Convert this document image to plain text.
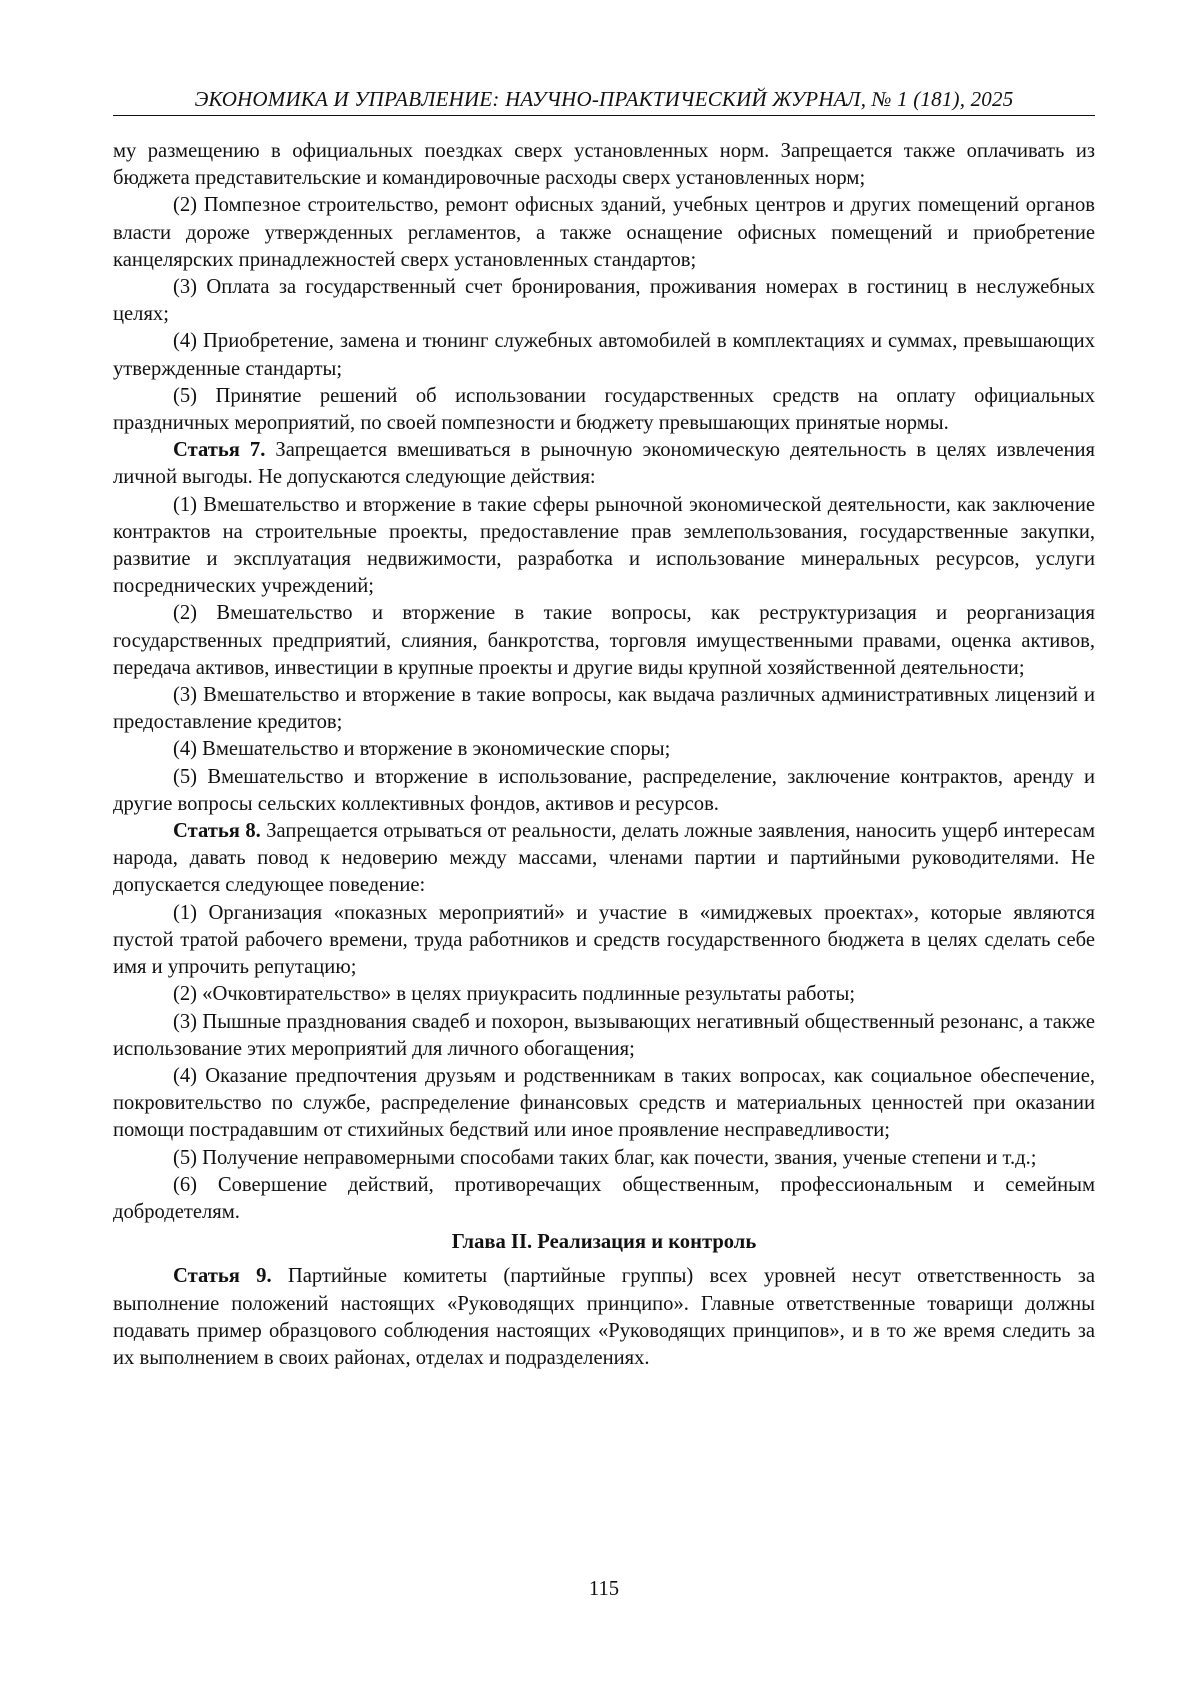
ЭКОНОМИКА И УПРАВЛЕНИЕ: НАУЧНО-ПРАКТИЧЕСКИЙ ЖУРНАЛ, № 1 (181), 2025

му размещению в официальных поездках сверх установленных норм. Запрещается также опла­чивать из бюджета представительские и командировочные расходы сверх установленных норм;

(2) Помпезное строительство, ремонт офисных зданий, учебных центров и других поме­щений органов власти дороже утвержденных регламентов, а также оснащение офисных поме­щений и приобретение канцелярских принадлежностей сверх установленных стандартов;

(3) Оплата за государственный счет бронирования, проживания номерах в гостиниц в не­служебных целях;

(4) Приобретение, замена и тюнинг служебных автомобилей в комплектациях и суммах, превышающих утвержденные стандарты;

(5) Принятие решений об использовании государственных средств на оплату официаль­ных праздничных мероприятий, по своей помпезности и бюджету превышающих принятые нормы.

Статья 7. Запрещается вмешиваться в рыночную экономическую деятельность в целях извлечения личной выгоды. Не допускаются следующие действия:

(1) Вмешательство и вторжение в такие сферы рыночной экономической деятельности, как заключение контрактов на строительные проекты, предоставление прав землепользования, государственные закупки, развитие и эксплуатация недвижимости, разработка и использование минеральных ресурсов, услуги посреднических учреждений;

(2) Вмешательство и вторжение в такие вопросы, как реструктуризация и реорганизация государственных предприятий, слияния, банкротства, торговля имущественными правами, оценка активов, передача активов, инвестиции в крупные проекты и другие виды крупной хо­зяйственной деятельности;

(3) Вмешательство и вторжение в такие вопросы, как выдача различных административ­ных лицензий и предоставление кредитов;

(4) Вмешательство и вторжение в экономические споры;

(5) Вмешательство и вторжение в использование, распределение, заключение контрактов, аренду и другие вопросы сельских коллективных фондов, активов и ресурсов.

Статья 8. Запрещается отрываться от реальности, делать ложные заявления, наносить ущерб интересам народа, давать повод к недоверию между массами, членами партии и партий­ными руководителями. Не допускается следующее поведение:

(1) Организация «показных мероприятий» и участие в «имиджевых проектах», которые являются пустой тратой рабочего времени, труда работников и средств государственного бюд­жета в целях сделать себе имя и упрочить репутацию;

(2) «Очковтирательство» в целях приукрасить подлинные результаты работы;

(3) Пышные празднования свадеб и похорон, вызывающих негативный общественный ре­зонанс, а также использование этих мероприятий для личного обогащения;

(4) Оказание предпочтения друзьям и родственникам в таких вопросах, как социальное обеспечение, покровительство по службе, распределение финансовых средств и материальных ценностей при оказании помощи пострадавшим от стихийных бедствий или иное проявление несправедливости;

(5) Получение неправомерными способами таких благ, как почести, звания, ученые степе­ни и т.д.;

(6) Совершение действий, противоречащих общественным, профессиональным и семей­ным добродетелям.

Глава II. Реализация и контроль

Статья 9. Партийные комитеты (партийные группы) всех уровней несут ответственность за выполнение положений настоящих «Руководящих принципо». Главные ответственные това­рищи должны подавать пример образцового соблюдения настоящих «Руководящих принци­пов», и в то же время следить за их выполнением в своих районах, отделах и подразделениях.

115
